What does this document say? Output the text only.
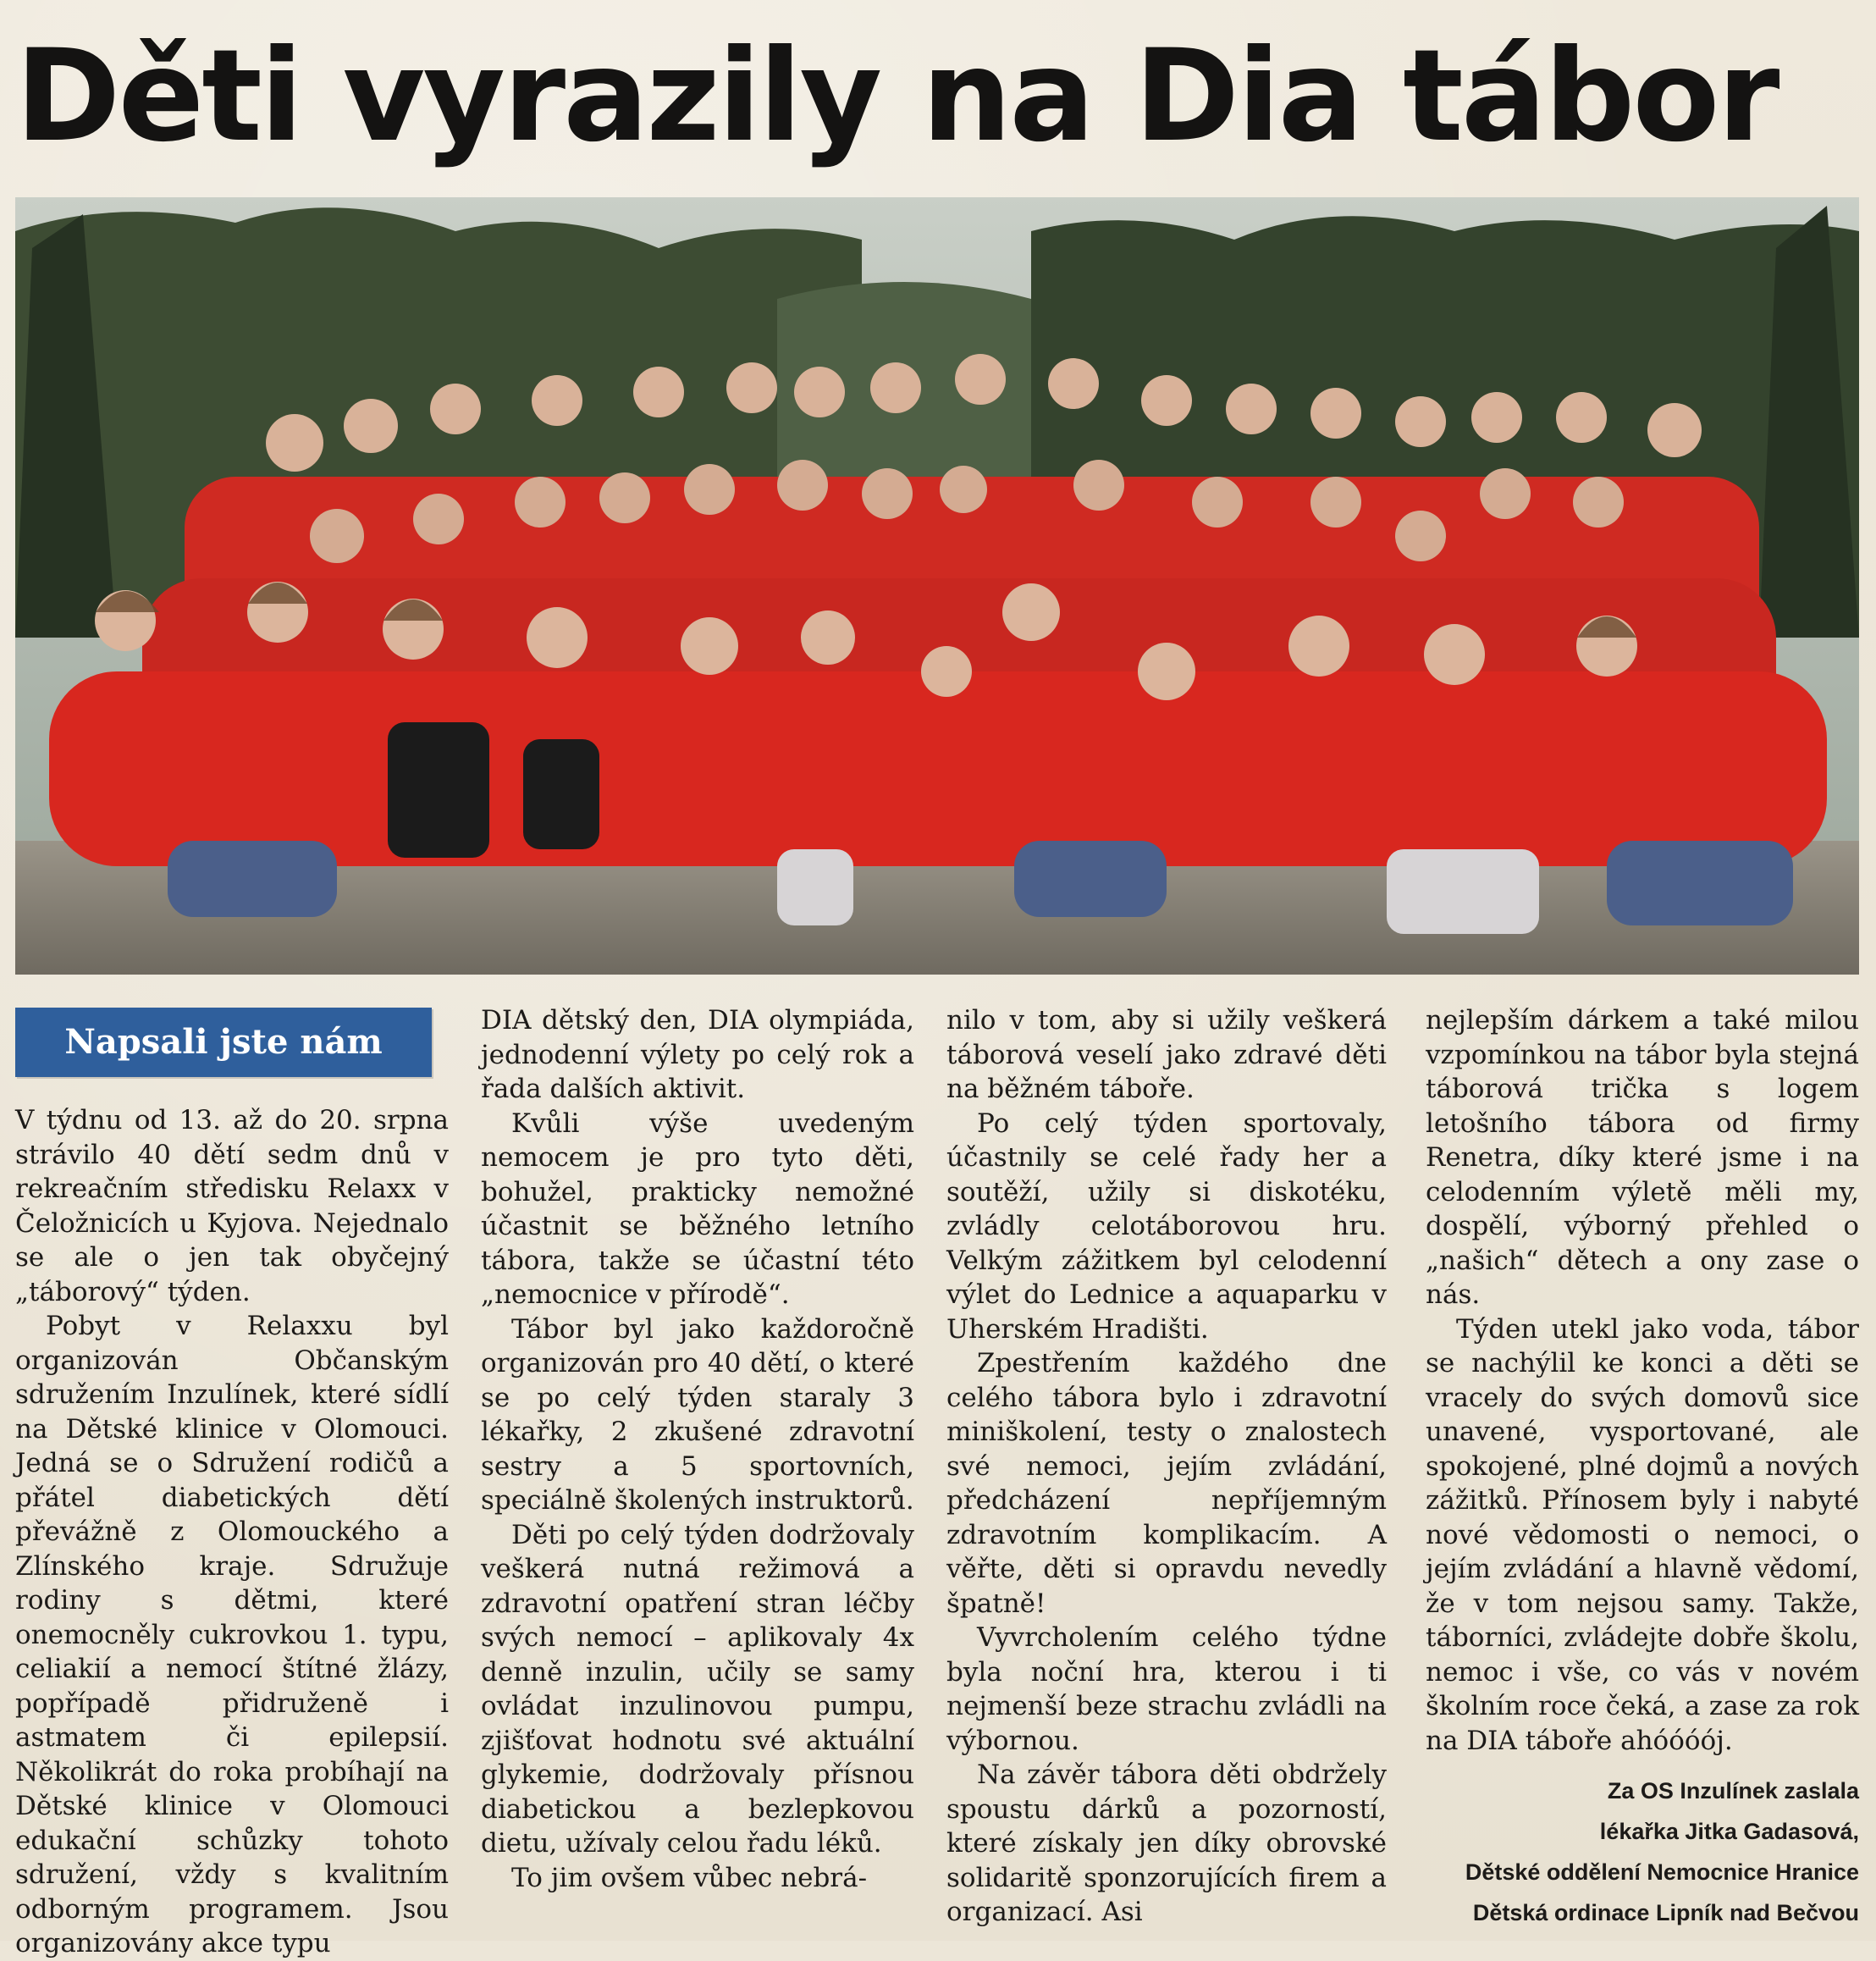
Děti vyrazily na Dia tábor
Napsali jste nám

V týdnu od 13. až do 20. srpna strávilo 40 dětí sedm dnů v rekreačním středisku Relaxx v Čeložnicích u Kyjova. Nejednalo se ale o jen tak obyčejný „táborový“ týden.

Pobyt v Relaxxu byl organizován Občanským sdružením Inzulínek, které sídlí na Dětské klinice v Olomouci. Jedná se o Sdružení rodičů a přátel diabetických dětí převážně z Olomouckého a Zlínského kraje. Sdružuje rodiny s dětmi, které onemocněly cukrovkou 1. typu, celiakií a nemocí štítné žlázy, popřípadě přidruženě i astmatem či epilepsií. Několikrát do roka probíhají na Dětské klinice v Olomouci edukační schůzky tohoto sdružení, vždy s kvalitním odborným programem. Jsou organizovány akce typu

DIA dětský den, DIA olympiáda, jednodenní výlety po celý rok a řada dalších aktivit.

Kvůli výše uvedeným nemocem je pro tyto děti, bohužel, prakticky nemožné účastnit se běžného letního tábora, takže se účastní této „nemocnice v přírodě“.

Tábor byl jako každoročně organizován pro 40 dětí, o které se po celý týden staraly 3 lékařky, 2 zkušené zdravotní sestry a 5 sportovních, speciálně školených instruktorů.

Děti po celý týden dodržovaly veškerá nutná režimová a zdravotní opatření stran léčby svých nemocí – aplikovaly 4x denně inzulin, učily se samy ovládat inzulinovou pumpu, zjišťovat hodnotu své aktuální glykemie, dodržovaly přísnou diabetickou a bezlepkovou dietu, užívaly celou řadu léků.

To jim ovšem vůbec nebrá-

nilo v tom, aby si užily veškerá táborová veselí jako zdravé děti na běžném táboře.

Po celý týden sportovaly, účastnily se celé řady her a soutěží, užily si diskotéku, zvládly celotáborovou hru. Velkým zážitkem byl celodenní výlet do Lednice a aquaparku v Uherském Hradišti.

Zpestřením každého dne celého tábora bylo i zdravotní miniškolení, testy o znalostech své nemoci, jejím zvládání, předcházení nepříjemným zdravotním komplikacím. A věřte, děti si opravdu nevedly špatně!

Vyvrcholením celého týdne byla noční hra, kterou i ti nejmenší beze strachu zvládli na výbornou.

Na závěr tábora děti obdržely spoustu dárků a pozorností, které získaly jen díky obrovské solidaritě sponzorujících firem a organizací. Asi

nejlepším dárkem a také milou vzpomínkou na tábor byla stejná táborová trička s logem letošního tábora od firmy Renetra, díky které jsme i na celodenním výletě měli my, dospělí, výborný přehled o „našich“ dětech a ony zase o nás.

Týden utekl jako voda, tábor se nachýlil ke konci a děti se vracely do svých domovů sice unavené, vysportované, ale spokojené, plné dojmů a nových zážitků. Přínosem byly i nabyté nové vědomosti o nemoci, o jejím zvládání a hlavně vědomí, že v tom nejsou samy. Takže, táborníci, zvládejte dobře školu, nemoc i vše, co vás v novém školním roce čeká, a zase za rok na DIA táboře ahóóóój.

Za OS Inzulínek zaslala
lékařka Jitka Gadasová,
Dětské oddělení Nemocnice Hranice
Dětská ordinace Lipník nad Bečvou
